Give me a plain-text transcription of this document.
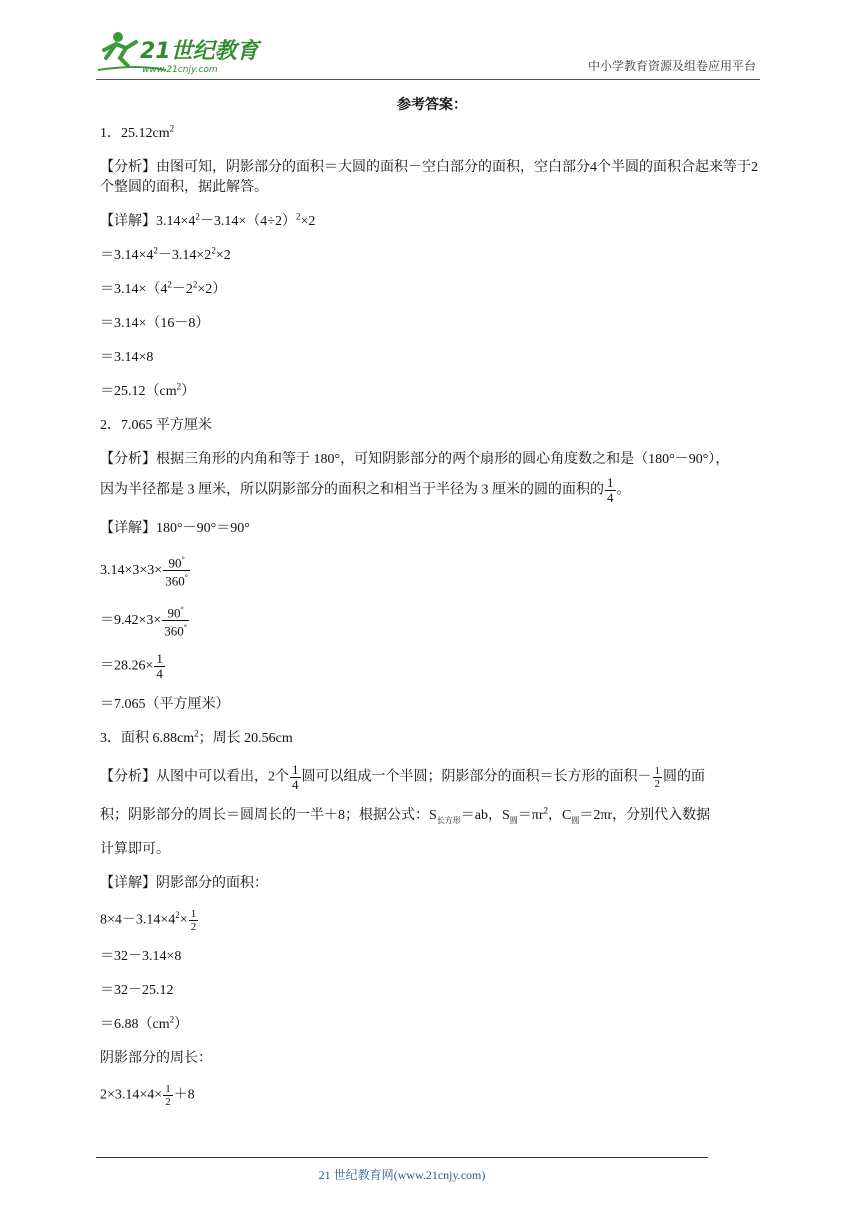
21世纪教育
www.21cnjy.com	中小学教育资源及组卷应用平台
参考答案：
1．$25.12cm^2$
【分析】由图可知，阴影部分的面积＝大圆的面积－空白部分的面积，空白部分4个半圆的面积合起来等于2个整圆的面积，据此解答。
【详解】$3.14\times 4^2-3.14\times(4\div 2)^2\times 2$
$=3.14\times 4^2-3.14\times 2^2\times 2$
$=3.14\times(4^2-2^2\times 2)$
＝3.14×（16－8）
＝3.14×8
$=25.12(cm^2)$
2．7.065 平方厘米
【分析】根据三角形的内角和等于 180°，可知阴影部分的两个扇形的圆心角度数之和是（180°－90°），
因为半径都是 3 厘米，所以阴影部分的面积之和相当于半径为 3 厘米的圆的面积的 $\frac{1}{4}$ 。
【详解】180°－90°＝90°
$3.14\times 3\times 3\times \frac{90^\circ}{360^\circ}$
$=9.42\times 3\times \frac{90^\circ}{360^\circ}$
$=28.26\times \frac{1}{4}$
＝7.065（平方厘米）
3．面积 $6.88cm^2$；周长 20.56cm
【分析】从图中可以看出，2个 $\frac{1}{4}$ 圆可以组成一个半圆；阴影部分的面积＝长方形的面积－ $\frac{1}{2}$ 圆的面
积；阴影部分的周长＝圆周长的一半＋8；根据公式：$S_{长方形}=ab$，$S_圆=\pi r^2$，$C_圆=2\pi r$，分别代入数据
计算即可。
【详解】阴影部分的面积：
$8\times 4-3.14\times 4^2\times \frac{1}{2}$
＝32－3.14×8
＝32－25.12
$=6.88(cm^2)$
阴影部分的周长：
$2\times 3.14\times 4\times \frac{1}{2} +8$
21 世纪教育网(www.21cnjy.com)
